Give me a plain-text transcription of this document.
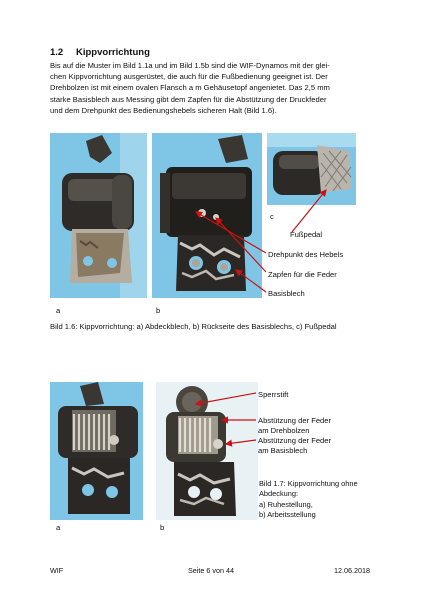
1.2 Kippvorrichtung
Bis auf die Muster im Bild 1.1a und im Bild 1.5b sind die WIF-Dynamos mit der glei-
chen Kippvorrichtung ausgerüstet, die auch für die Fußbedienung geeignet ist. Der
Drehbolzen ist mit einem ovalen Flansch a m Gehäusetopf angenietet. Das 2,5 mm
starke Basisblech aus Messing gibt dem Zapfen für die Abstützung der Druckfeder
und dem Drehpunkt des Bedienungshebels sicheren Halt (Bild 1.6).
a	b
c
Fußpedal
Drehpunkt des Hebels
Zapfen für die Feder
Basisblech
Bild 1.6: Kippvorrichtung: a) Abdeckblech, b) Rückseite des Basisblechs, c) Fußpedal
a	b
Sperrstift
Abstützung der Feder
am Drehbolzen
Abstützung der Feder
am Basisblech
Bild 1.7: Kippvorrichtung ohne
Abdeckung:
a) Ruhestellung,
b) Arbeitsstellung
WIF	Seite 6 von 44	12.06.2018
